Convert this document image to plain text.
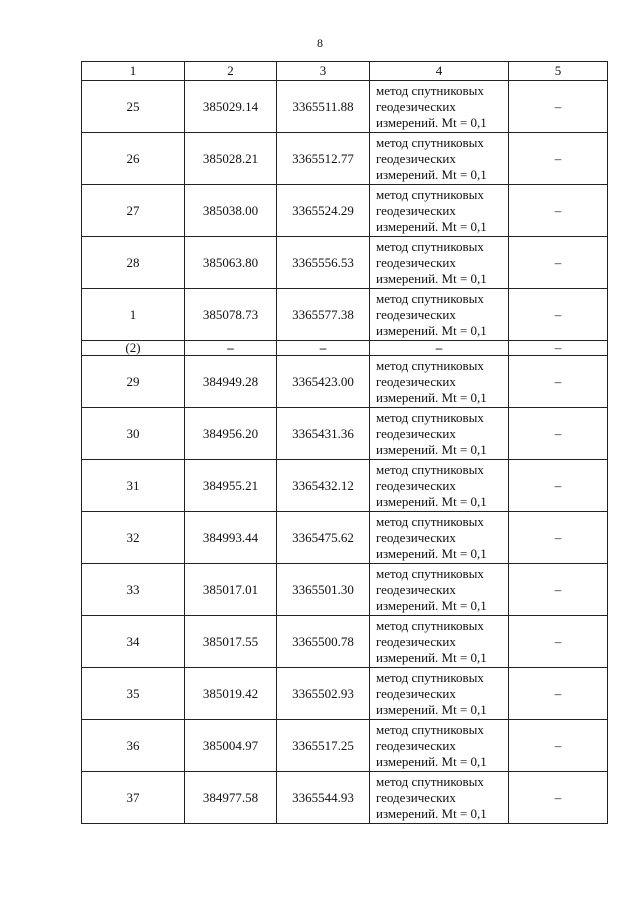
8
1	2	3	4	5
25	385029.14	3365511.88	метод спутниковых
геодезических
измерений. Mt = 0,1	–
26	385028.21	3365512.77	метод спутниковых
геодезических
измерений. Mt = 0,1	–
27	385038.00	3365524.29	метод спутниковых
геодезических
измерений. Mt = 0,1	–
28	385063.80	3365556.53	метод спутниковых
геодезических
измерений. Mt = 0,1	–
1	385078.73	3365577.38	метод спутниковых
геодезических
измерений. Mt = 0,1	–
(2)	–	–	–	–
29	384949.28	3365423.00	метод спутниковых
геодезических
измерений. Mt = 0,1	–
30	384956.20	3365431.36	метод спутниковых
геодезических
измерений. Mt = 0,1	–
31	384955.21	3365432.12	метод спутниковых
геодезических
измерений. Mt = 0,1	–
32	384993.44	3365475.62	метод спутниковых
геодезических
измерений. Mt = 0,1	–
33	385017.01	3365501.30	метод спутниковых
геодезических
измерений. Mt = 0,1	–
34	385017.55	3365500.78	метод спутниковых
геодезических
измерений. Mt = 0,1	–
35	385019.42	3365502.93	метод спутниковых
геодезических
измерений. Mt = 0,1	–
36	385004.97	3365517.25	метод спутниковых
геодезических
измерений. Mt = 0,1	–
37	384977.58	3365544.93	метод спутниковых
геодезических
измерений. Mt = 0,1	–
